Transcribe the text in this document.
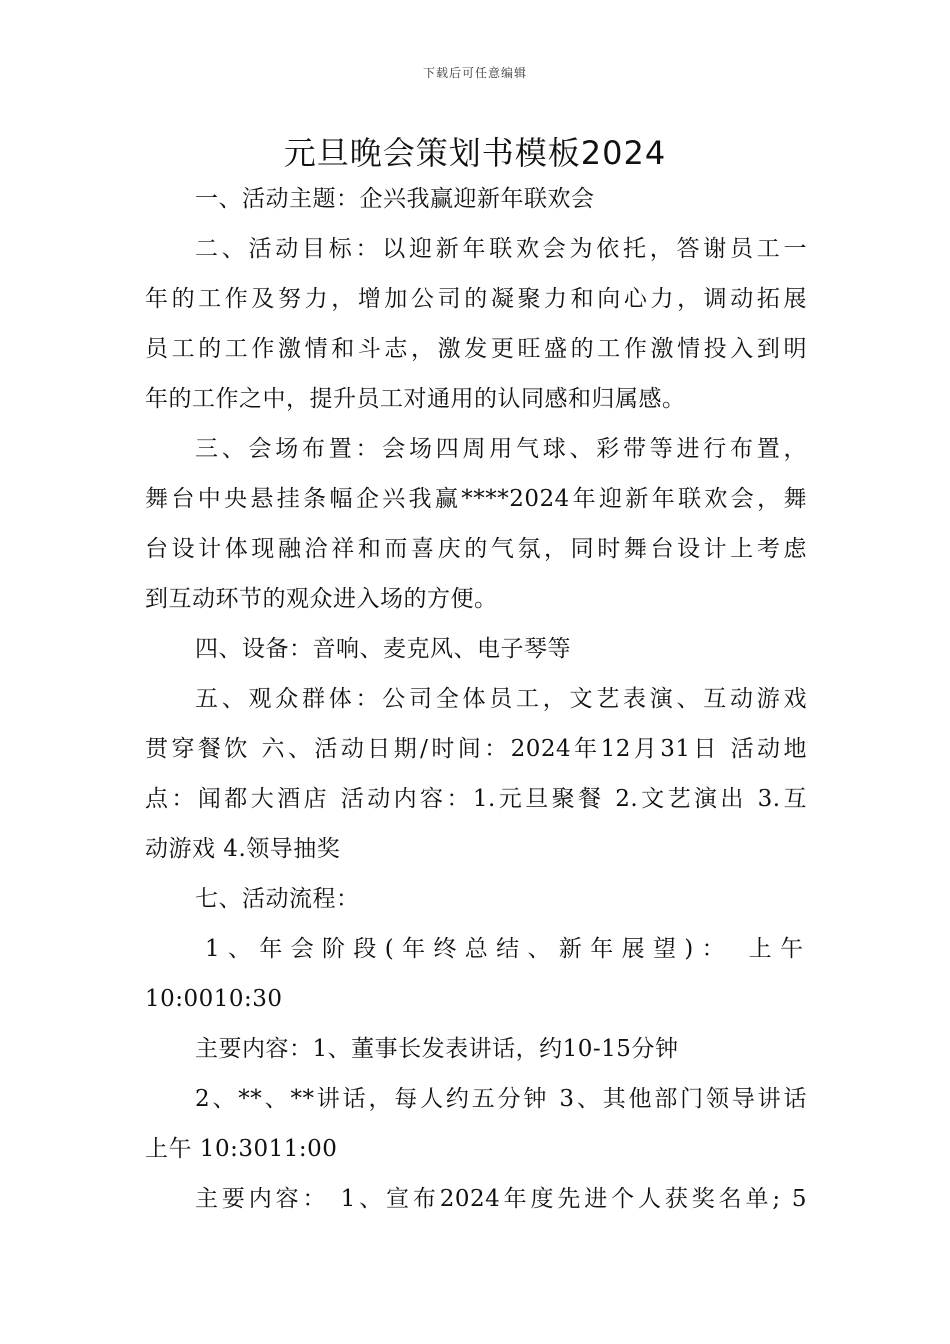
下载后可任意编辑
元旦晚会策划书模板2024
一、活动主题：企兴我赢迎新年联欢会
二、活动目标：以迎新年联欢会为依托，答谢员工一
年的工作及努力，增加公司的凝聚力和向心力，调动拓展
员工的工作激情和斗志，激发更旺盛的工作激情投入到明
年的工作之中，提升员工对通用的认同感和归属感。
三、会场布置：会场四周用气球、彩带等进行布置，
舞台中央悬挂条幅企兴我赢****2024年迎新年联欢会，舞
台设计体现融洽祥和而喜庆的气氛，同时舞台设计上考虑
到互动环节的观众进入场的方便。
四、设备：音响、麦克风、电子琴等
五、观众群体：公司全体员工，文艺表演、互动游戏
贯穿餐饮 六、活动日期/时间：2024年12月31日 活动地
点：闻都大酒店 活动内容：1.元旦聚餐 2.文艺演出 3.互
动游戏 4.领导抽奖
七、活动流程：
1、年会阶段(年终总结、新年展望)： 上午
10:0010:30
主要内容：1、董事长发表讲话，约10-15分钟
2、**、**讲话，每人约五分钟 3、其他部门领导讲话
上午 10:3011:00
主要内容： 1、宣布2024年度先进个人获奖名单; 5
